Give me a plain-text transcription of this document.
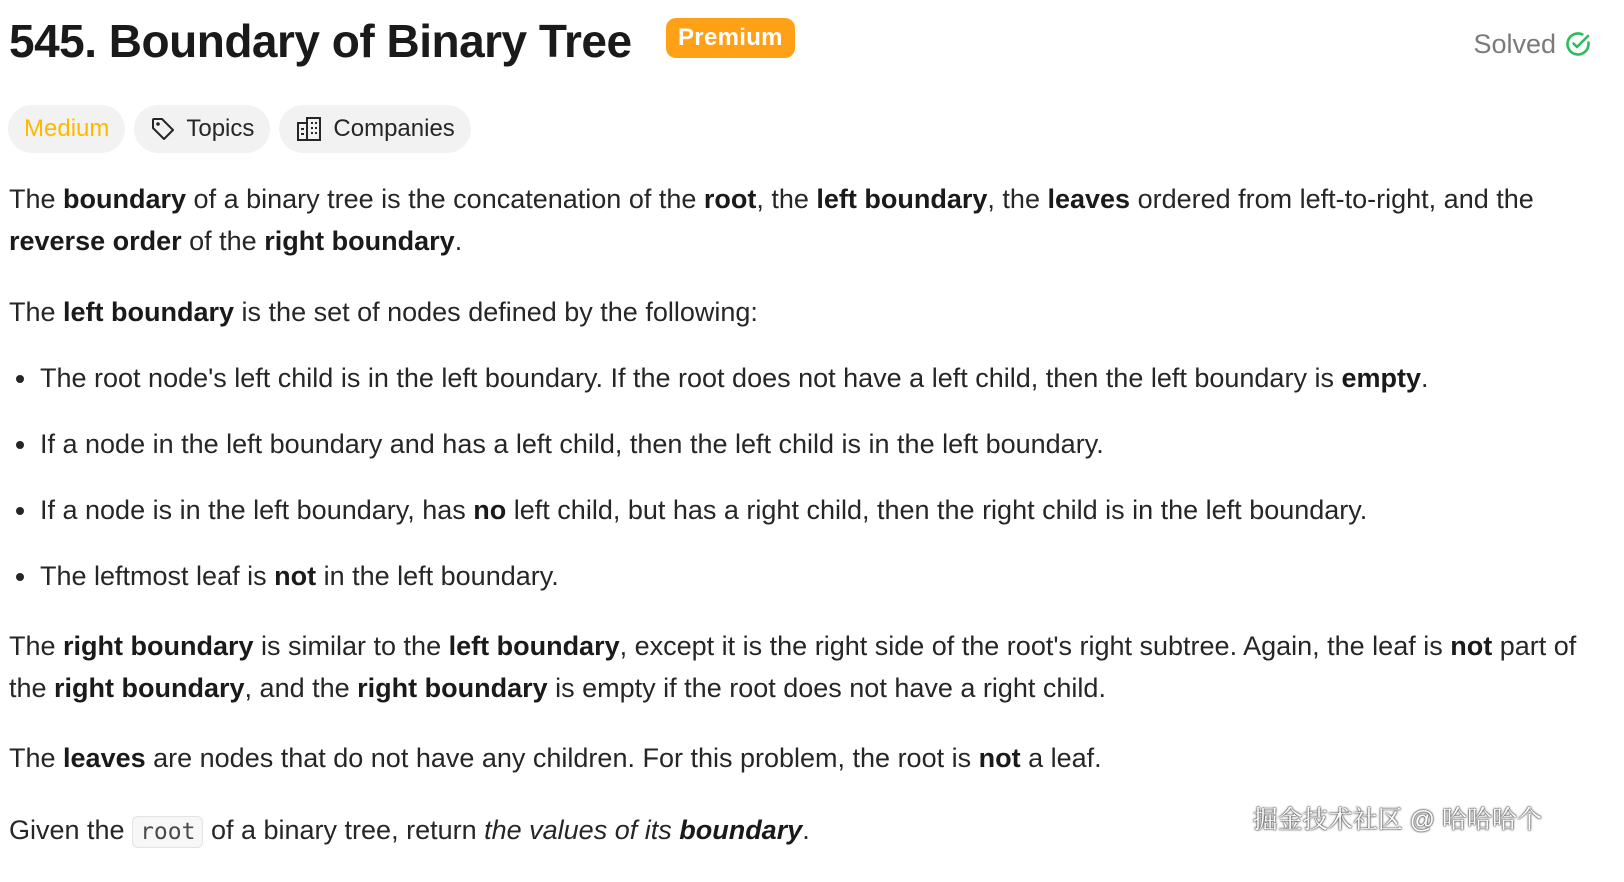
545. Boundary of Binary Tree	Premium	Solved
Medium	Topics	Companies

The boundary of a binary tree is the concatenation of the root, the left boundary, the leaves ordered from left-to-right, and the reverse order of the right boundary.

The left boundary is the set of nodes defined by the following:

The root node's left child is in the left boundary. If the root does not have a left child, then the left boundary is empty.
If a node in the left boundary and has a left child, then the left child is in the left boundary.
If a node is in the left boundary, has no left child, but has a right child, then the right child is in the left boundary.
The leftmost leaf is not in the left boundary.

The right boundary is similar to the left boundary, except it is the right side of the root's right subtree. Again, the leaf is not part of the right boundary, and the right boundary is empty if the root does not have a right child.

The leaves are nodes that do not have any children. For this problem, the root is not a leaf.

Given the root of a binary tree, return the values of its boundary.	掘金技术社区 @ 哈哈哈个
